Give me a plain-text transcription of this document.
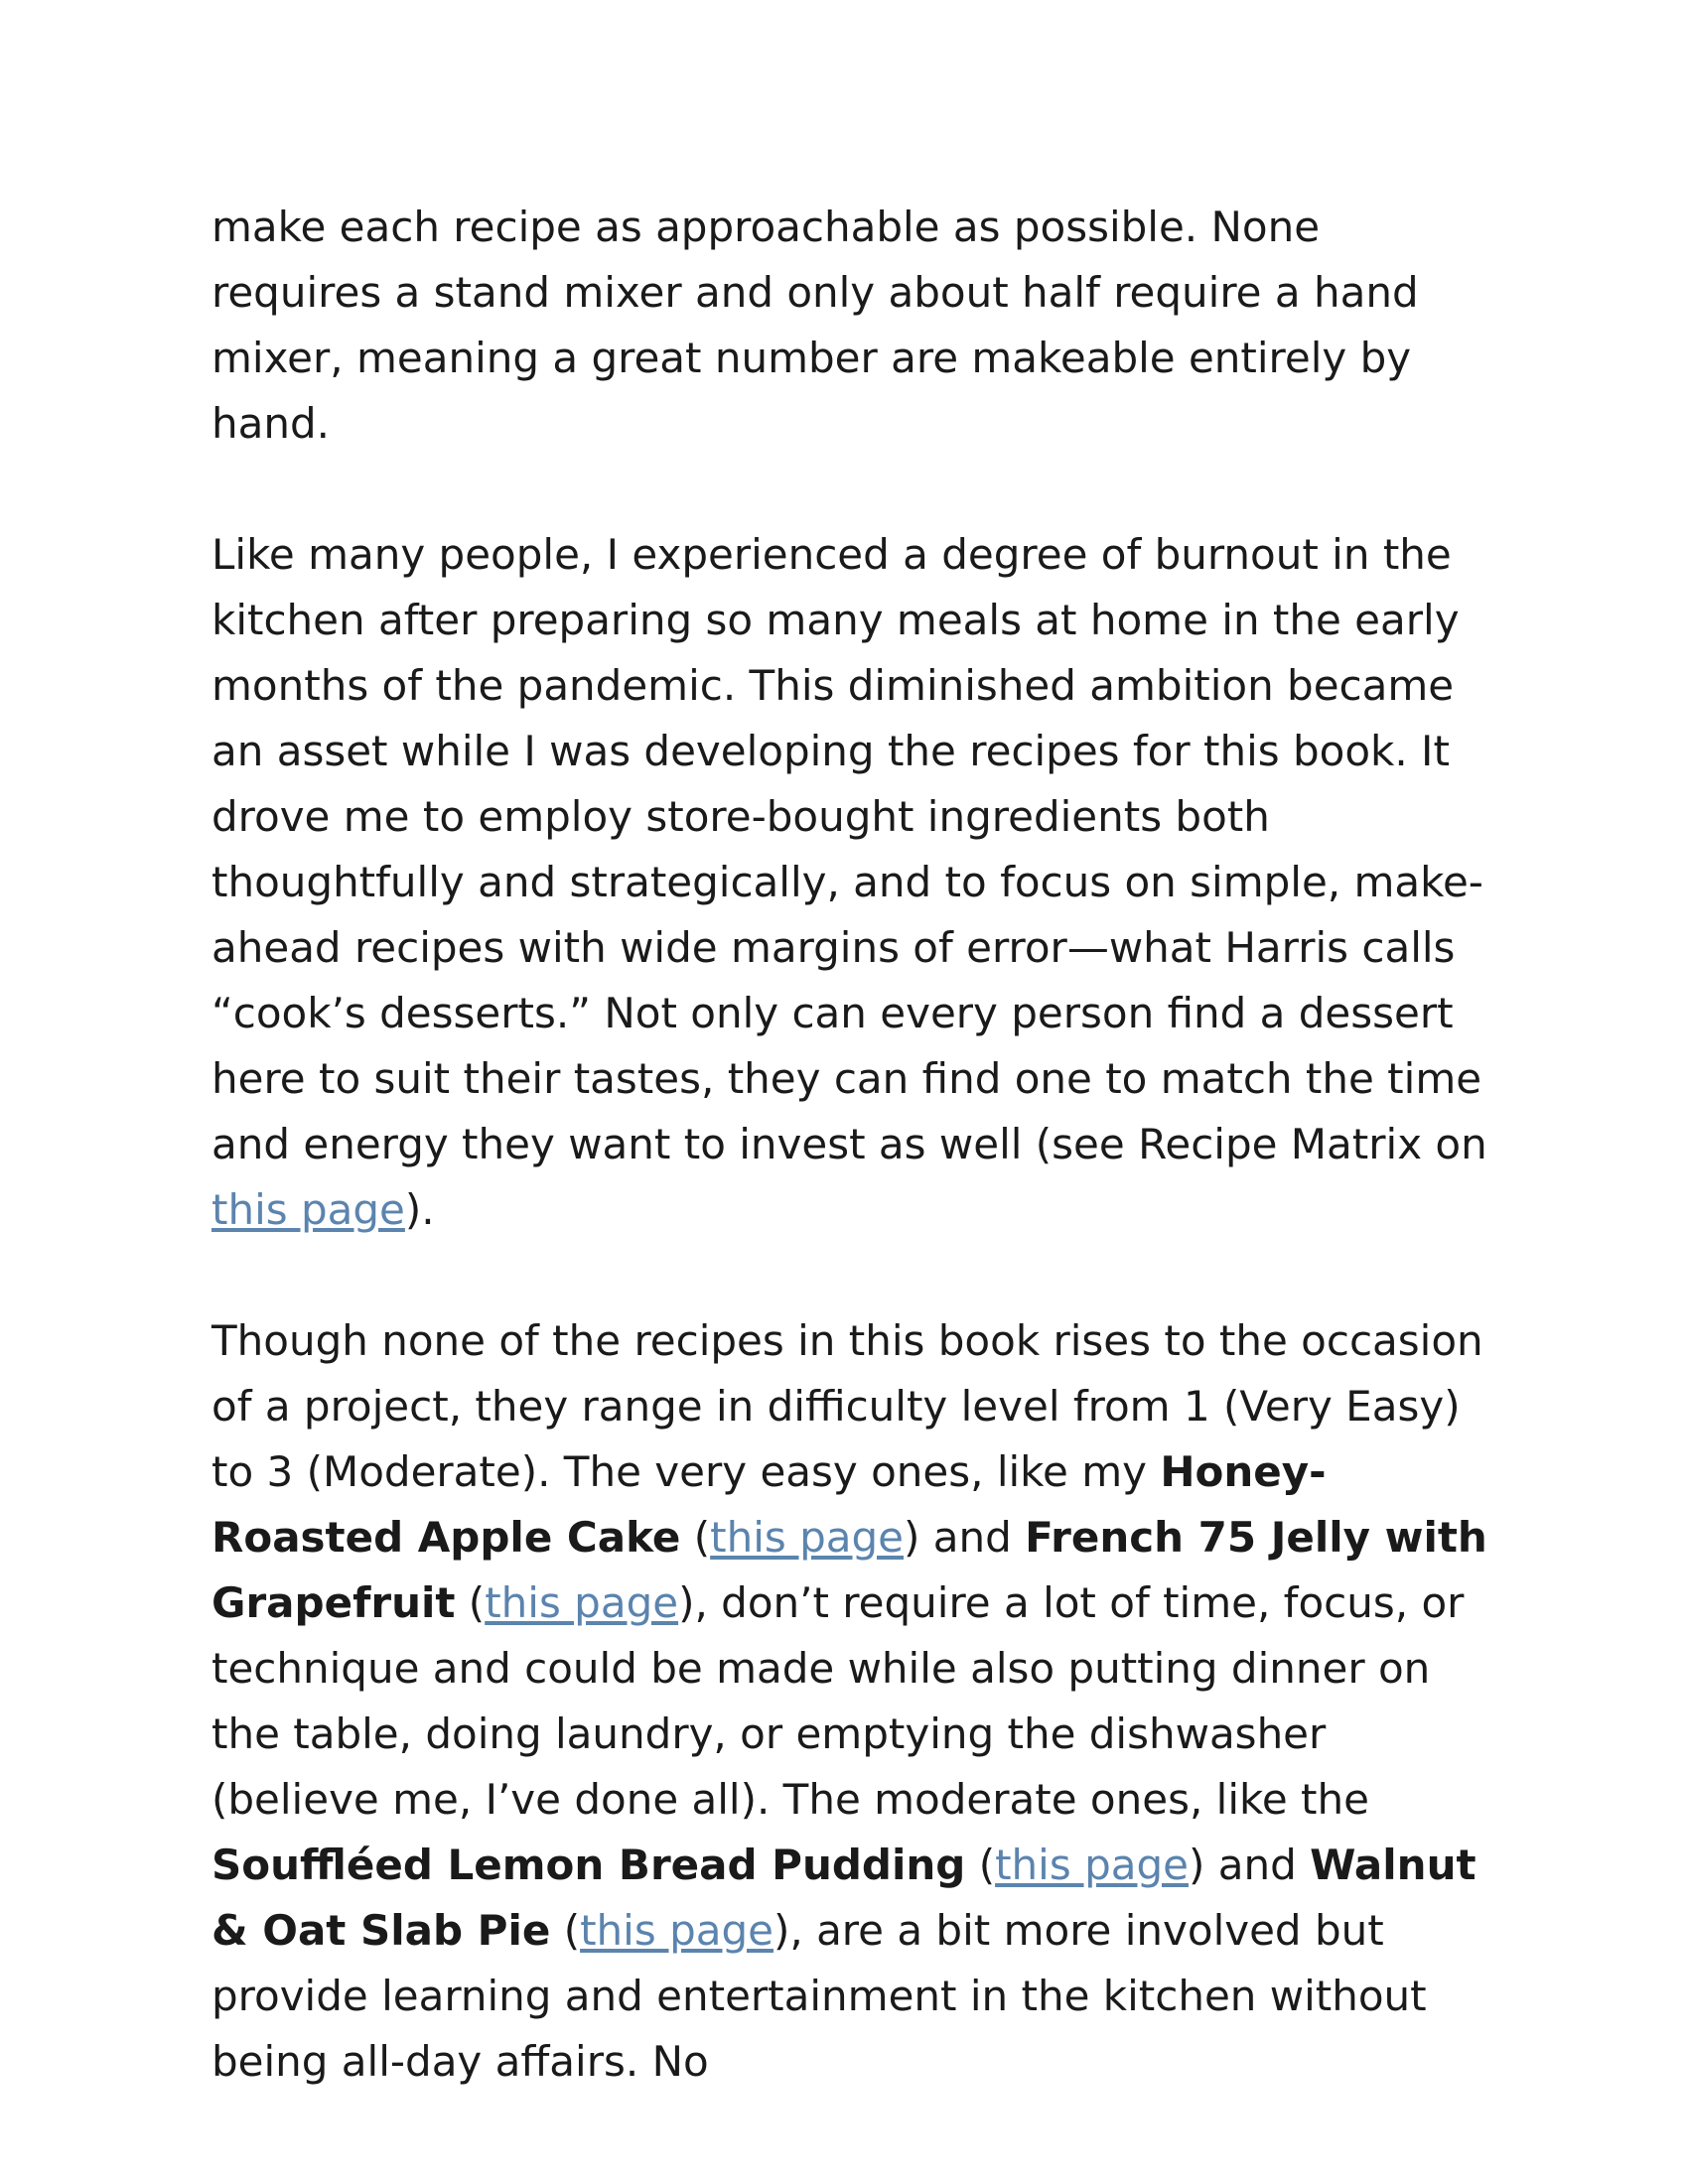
make each recipe as approachable as possible. None requires a stand mixer and only about half require a hand mixer, meaning a great number are makeable entirely by hand.

Like many people, I experienced a degree of burnout in the kitchen after preparing so many meals at home in the early months of the pandemic. This diminished ambition became an asset while I was developing the recipes for this book. It drove me to employ store-bought ingredients both thoughtfully and strategically, and to focus on simple, make-ahead recipes with wide margins of error—what Harris calls “cook’s desserts.” Not only can every person find a dessert here to suit their tastes, they can find one to match the time and energy they want to invest as well (see Recipe Matrix on this page).

Though none of the recipes in this book rises to the occasion of a project, they range in difficulty level from 1 (Very Easy) to 3 (Moderate). The very easy ones, like my Honey-Roasted Apple Cake (this page) and French 75 Jelly with Grapefruit (this page), don’t require a lot of time, focus, or technique and could be made while also putting dinner on the table, doing laundry, or emptying the dishwasher (believe me, I’ve done all). The moderate ones, like the Souffléed Lemon Bread Pudding (this page) and Walnut & Oat Slab Pie (this page), are a bit more involved but provide learning and entertainment in the kitchen without being all-day affairs. No
